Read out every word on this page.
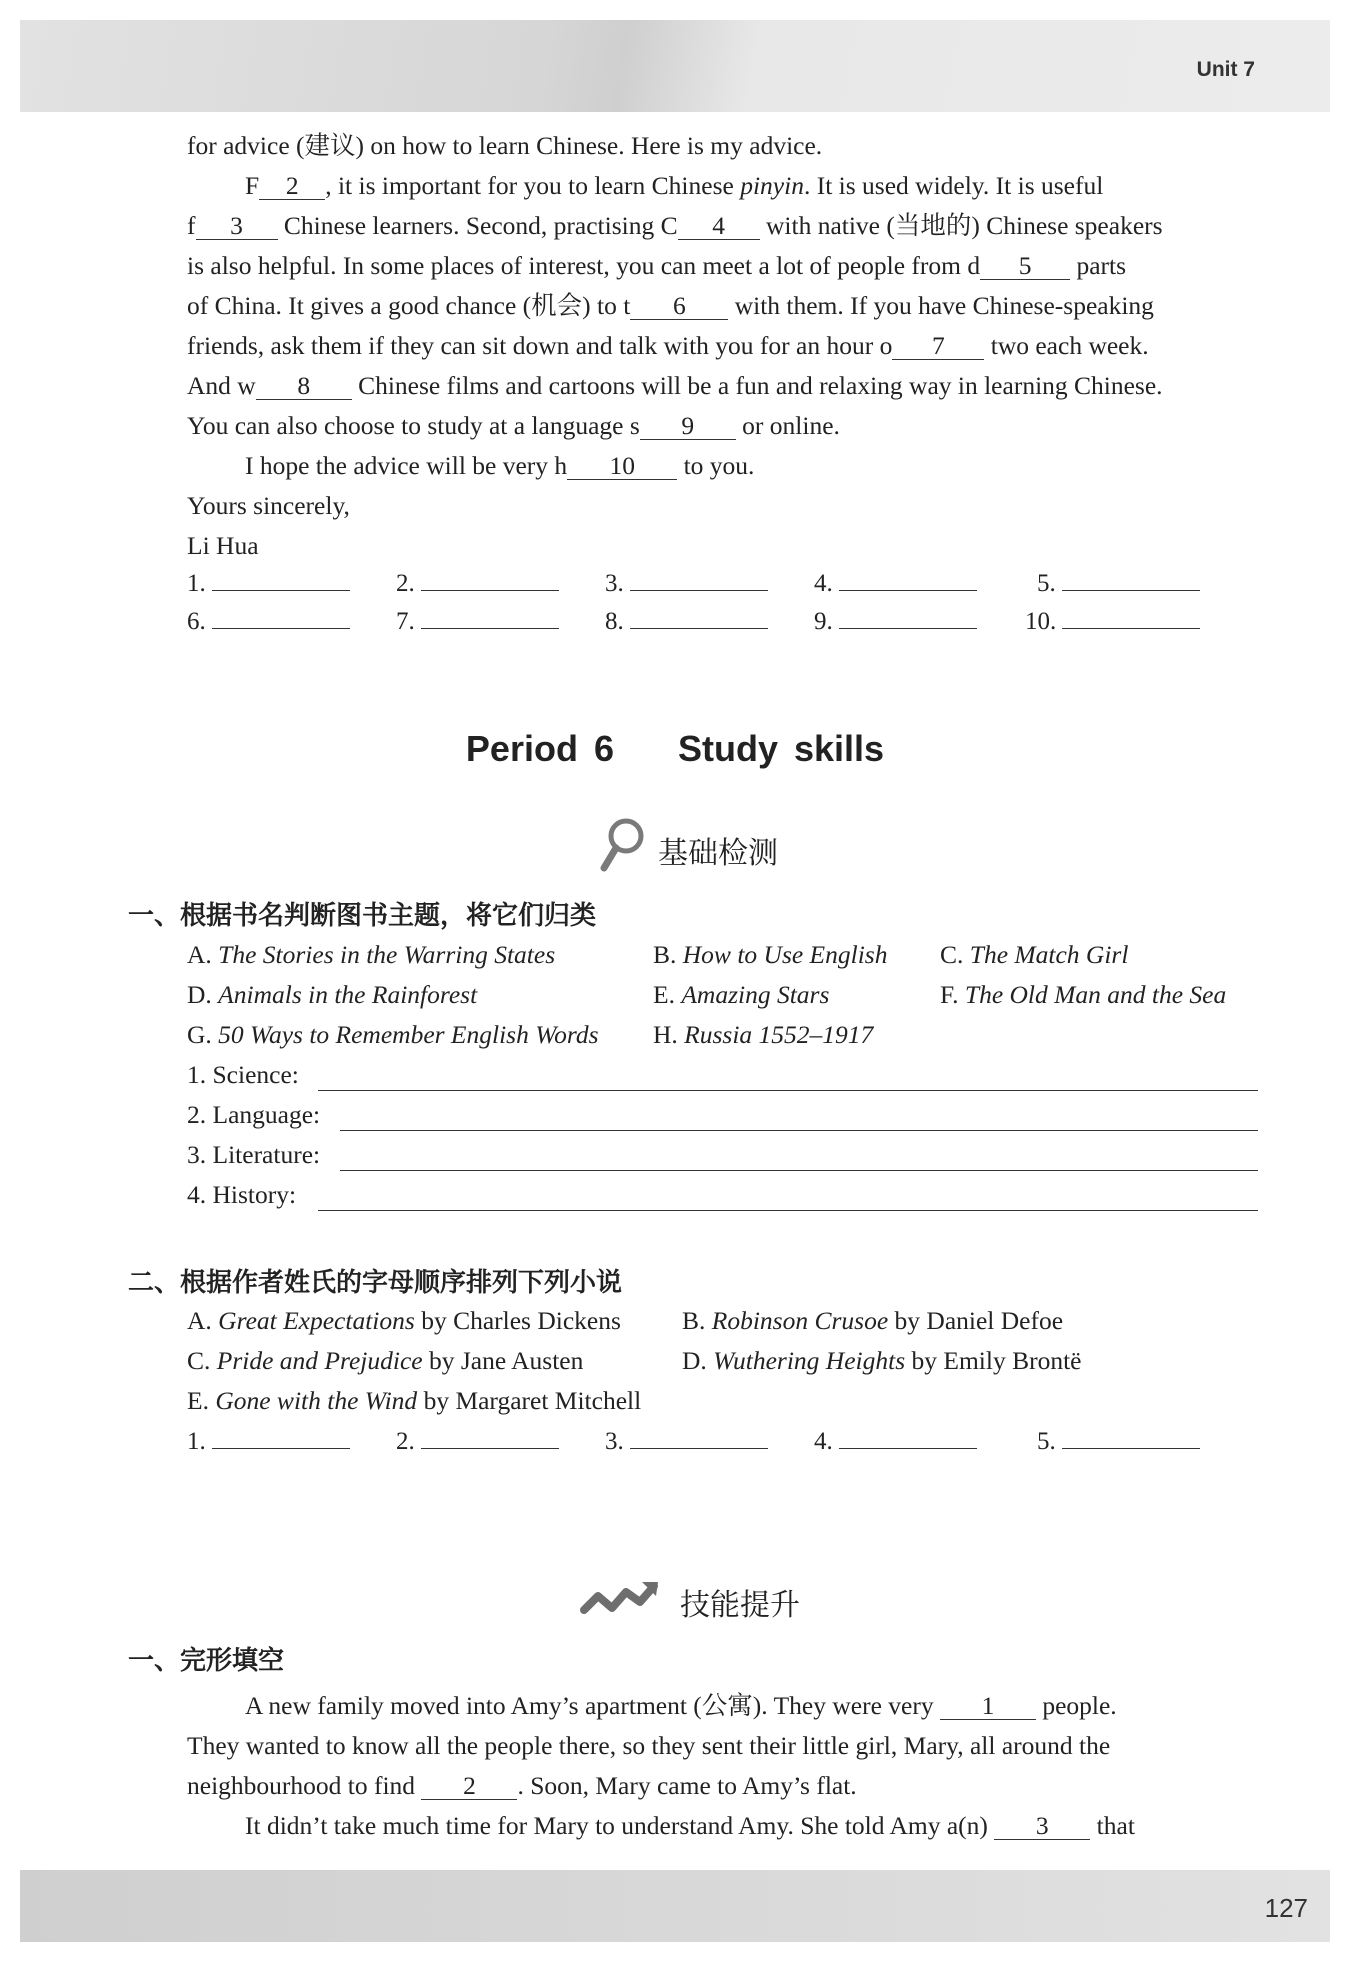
Unit 7
for advice (建议) on how to learn Chinese. Here is my advice.
F 2 , it is important for you to learn Chinese pinyin. It is used widely. It is useful
f 3 Chinese learners. Second, practising C 4 with native (当地的) Chinese speakers
is also helpful. In some places of interest, you can meet a lot of people from d 5 parts
of China. It gives a good chance (机会) to t 6 with them. If you have Chinese-speaking
friends, ask them if they can sit down and talk with you for an hour o 7 two each week.
And w 8 Chinese films and cartoons will be a fun and relaxing way in learning Chinese.
You can also choose to study at a language s 9 or online.
I hope the advice will be very h 10 to you.
Yours sincerely,
Li Hua
1.	2.	3.	4.	5.
6.	7.	8.	9.	10.
Period 6    Study skills
基础检测
一、根据书名判断图书主题，将它们归类
A. The Stories in the Warring States	B. How to Use English C. The Match Girl
D. Animals in the Rainforest	E. Amazing Stars	F. The Old Man and the Sea
G. 50 Ways to Remember English Words H. Russia 1552–1917
1. Science:
2. Language:
3. Literature:
4. History:
二、根据作者姓氏的字母顺序排列下列小说
A. Great Expectations by Charles Dickens B. Robinson Crusoe by Daniel Defoe
C. Pride and Prejudice by Jane Austen	D. Wuthering Heights by Emily Brontë
E. Gone with the Wind by Margaret Mitchell
1.	2.	3.	4.	5.
技能提升
一、完形填空
A new family moved into Amy’s apartment (公寓). They were very 1 people.
They wanted to know all the people there, so they sent their little girl, Mary, all around the
neighbourhood to find 2 . Soon, Mary came to Amy’s flat.
It didn’t take much time for Mary to understand Amy. She told Amy a(n) 3 that
127
